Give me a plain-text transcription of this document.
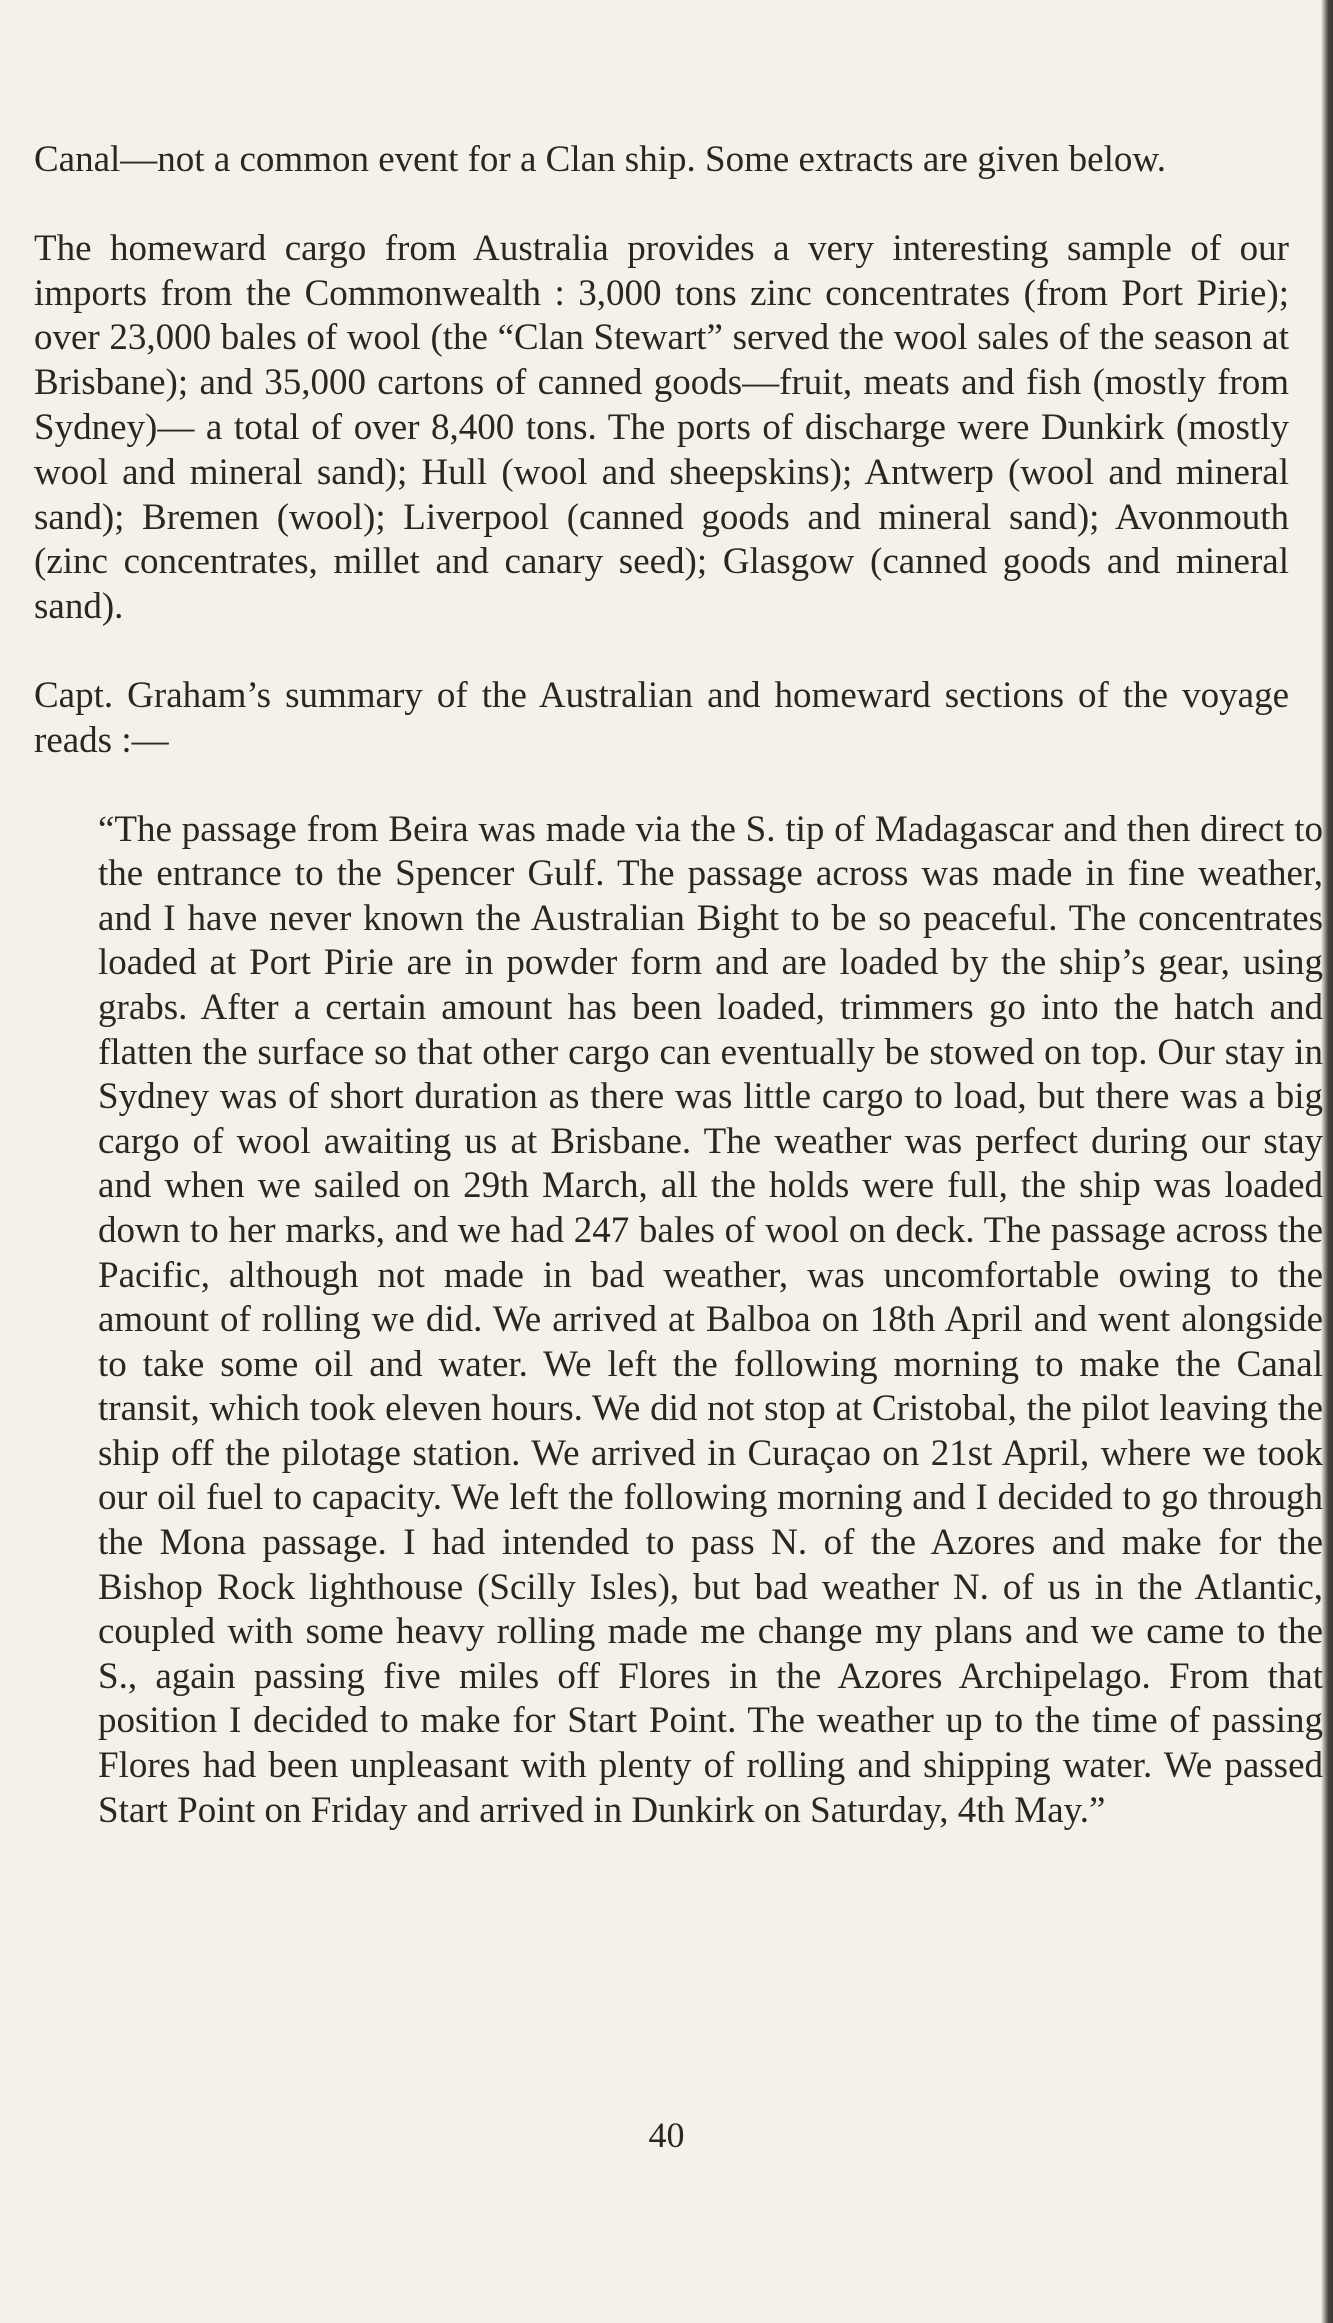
Canal—not a common event for a Clan ship. Some extracts are given below.

The homeward cargo from Australia provides a very interesting sample of our imports from the Commonwealth : 3,000 tons zinc concentrates (from Port Pirie); over 23,000 bales of wool (the “Clan Stewart” served the wool sales of the season at Brisbane); and 35,000 cartons of canned goods—fruit, meats and fish (mostly from Sydney)— a total of over 8,400 tons. The ports of discharge were Dunkirk (mostly wool and mineral sand); Hull (wool and sheepskins); Antwerp (wool and mineral sand); Bremen (wool); Liverpool (canned goods and mineral sand); Avonmouth (zinc concentrates, millet and canary seed); Glasgow (canned goods and mineral sand).

Capt. Graham’s summary of the Australian and homeward sections of the voyage reads :—

“The passage from Beira was made via the S. tip of Madagascar and then direct to the entrance to the Spencer Gulf. The passage across was made in fine weather, and I have never known the Australian Bight to be so peaceful. The concentrates loaded at Port Pirie are in powder form and are loaded by the ship’s gear, using grabs. After a certain amount has been loaded, trimmers go into the hatch and flatten the surface so that other cargo can eventually be stowed on top. Our stay in Sydney was of short duration as there was little cargo to load, but there was a big cargo of wool awaiting us at Brisbane. The weather was perfect during our stay and when we sailed on 29th March, all the holds were full, the ship was loaded down to her marks, and we had 247 bales of wool on deck. The passage across the Pacific, although not made in bad weather, was uncomfortable owing to the amount of rolling we did. We arrived at Balboa on 18th April and went alongside to take some oil and water. We left the following morning to make the Canal transit, which took eleven hours. We did not stop at Cristobal, the pilot leaving the ship off the pilotage station. We arrived in Curaçao on 21st April, where we took our oil fuel to capacity. We left the following morning and I decided to go through the Mona passage. I had intended to pass N. of the Azores and make for the Bishop Rock lighthouse (Scilly Isles), but bad weather N. of us in the Atlantic, coupled with some heavy rolling made me change my plans and we came to the S., again passing five miles off Flores in the Azores Archipelago. From that position I decided to make for Start Point. The weather up to the time of passing Flores had been unpleasant with plenty of rolling and shipping water. We passed Start Point on Friday and arrived in Dunkirk on Saturday, 4th May.”

40
